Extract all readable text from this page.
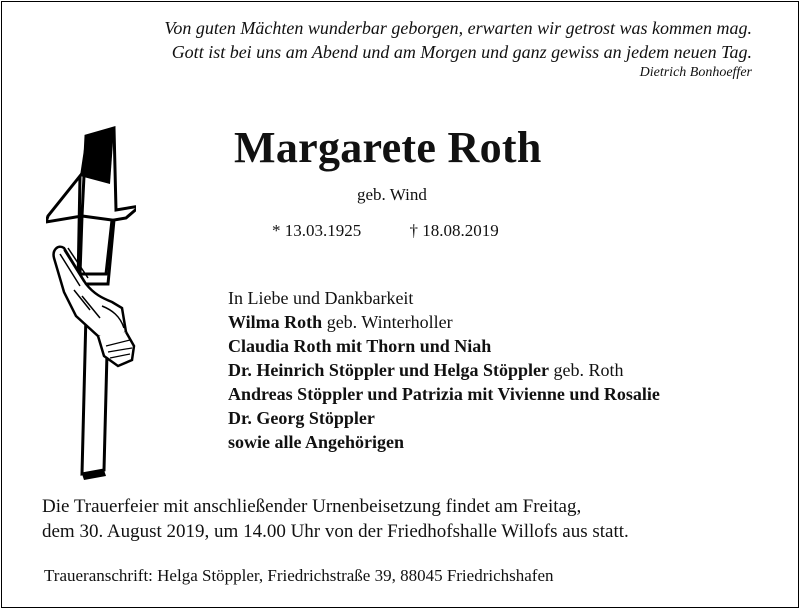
Von guten Mächten wunderbar geborgen, erwarten wir getrost was kommen mag.
Gott ist bei uns am Abend und am Morgen und ganz gewiss an jedem neuen Tag.
Dietrich Bonhoeffer
Margarete Roth
geb. Wind
* 13.03.1925	† 18.08.2019
In Liebe und Dankbarkeit
Wilma Roth geb. Winterholler
Claudia Roth mit Thorn und Niah
Dr. Heinrich Stöppler und Helga Stöppler geb. Roth
Andreas Stöppler und Patrizia mit Vivienne und Rosalie
Dr. Georg Stöppler
sowie alle Angehörigen
Die Trauerfeier mit anschließender Urnenbeisetzung findet am Freitag,
dem 30. August 2019, um 14.00 Uhr von der Friedhofshalle Willofs aus statt.
Traueranschrift: Helga Stöppler, Friedrichstraße 39, 88045 Friedrichshafen
